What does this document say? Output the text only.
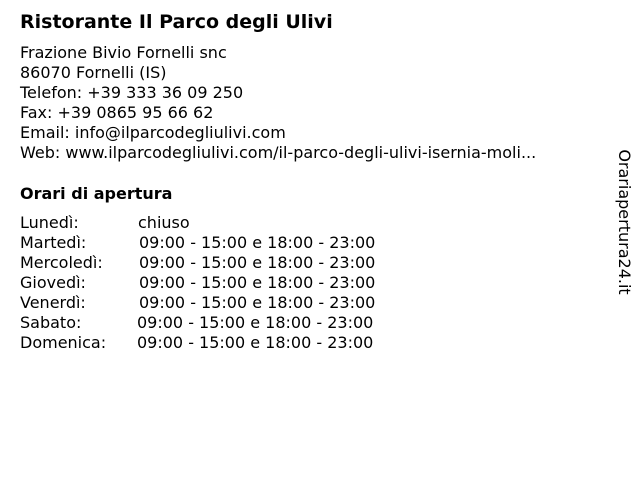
Ristorante Il Parco degli Ulivi
Frazione Bivio Fornelli snc
86070 Fornelli (IS)
Telefon: +39 333 36 09 250
Fax: +39 0865 95 66 62
Email: info@ilparcodegliulivi.com
Web: www.ilparcodegliulivi.com/il-parco-degli-ulivi-isernia-moli...
Orari di apertura
Lunedì:	chiuso
Martedì:	09:00 - 15:00 e 18:00 - 23:00
Mercoledì: 09:00 - 15:00 e 18:00 - 23:00
Giovedì:	09:00 - 15:00 e 18:00 - 23:00
Venerdì:	09:00 - 15:00 e 18:00 - 23:00
Sabato:	09:00 - 15:00 e 18:00 - 23:00
Domenica: 09:00 - 15:00 e 18:00 - 23:00
Orariapertura24.it
